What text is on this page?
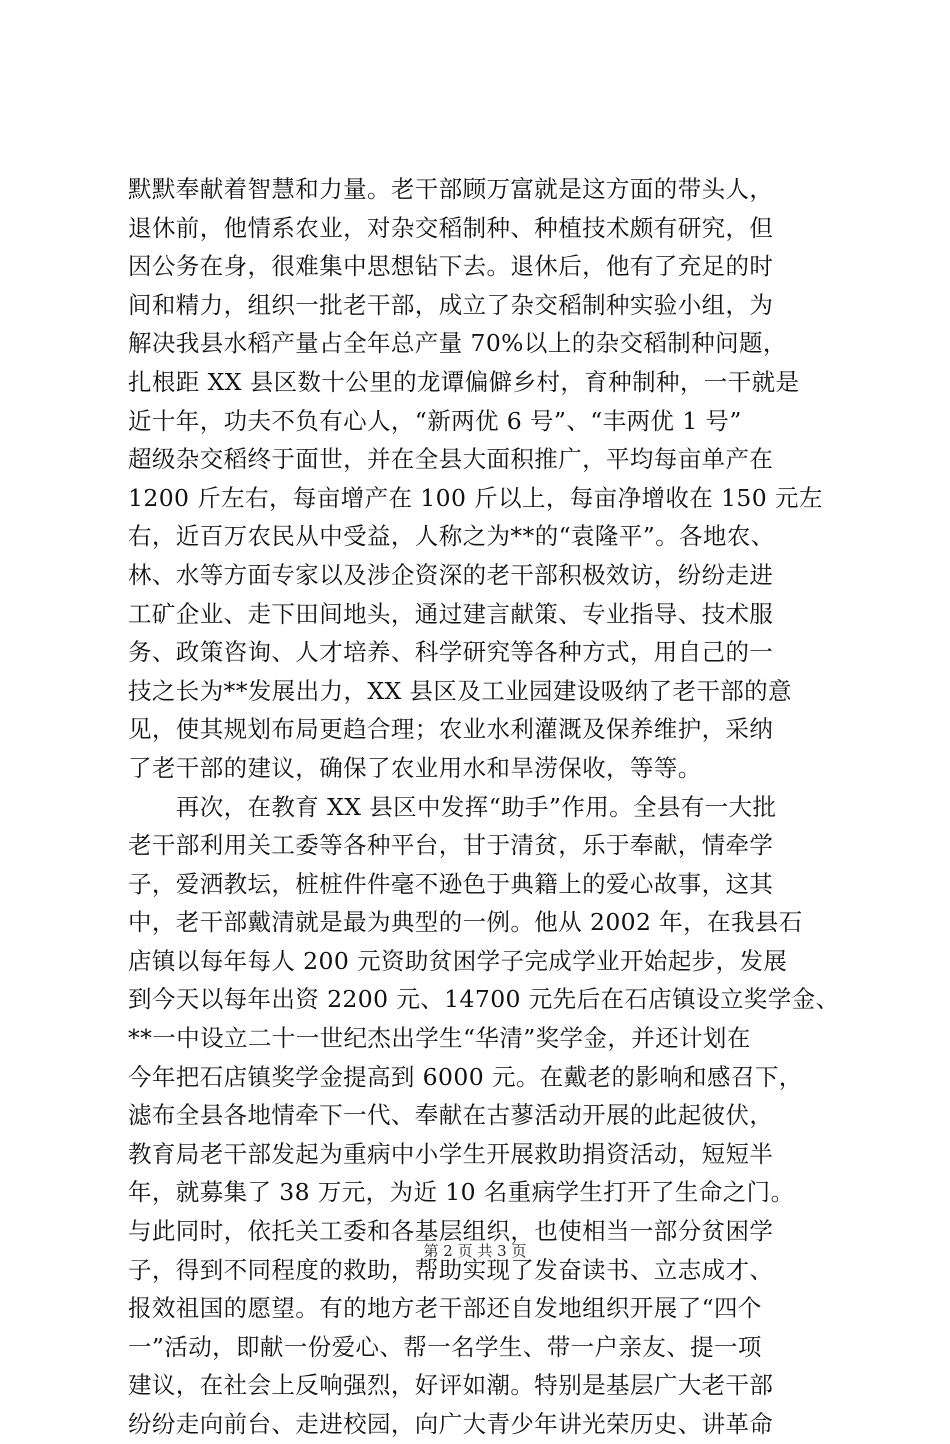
默默奉献着智慧和力量。老干部顾万富就是这方面的带头人，
退休前，他情系农业，对杂交稻制种、种植技术颇有研究，但
因公务在身，很难集中思想钻下去。退休后，他有了充足的时
间和精力，组织一批老干部，成立了杂交稻制种实验小组，为
解决我县水稻产量占全年总产量 70%以上的杂交稻制种问题，
扎根距 XX 县区数十公里的龙谭偏僻乡村，育种制种，一干就是
近十年，功夫不负有心人，“新两优 6 号”、“丰两优 1 号”
超级杂交稻终于面世，并在全县大面积推广，平均每亩单产在
1200 斤左右，每亩增产在 100 斤以上，每亩净增收在 150 元左
右，近百万农民从中受益，人称之为**的“袁隆平”。各地农、
林、水等方面专家以及涉企资深的老干部积极效访，纷纷走进
工矿企业、走下田间地头，通过建言献策、专业指导、技术服
务、政策咨询、人才培养、科学研究等各种方式，用自己的一
技之长为**发展出力，XX 县区及工业园建设吸纳了老干部的意
见，使其规划布局更趋合理；农业水利灌溉及保养维护，采纳
了老干部的建议，确保了农业用水和旱涝保收，等等。
　　再次，在教育 XX 县区中发挥“助手”作用。全县有一大批
老干部利用关工委等各种平台，甘于清贫，乐于奉献，情牵学
子，爱洒教坛，桩桩件件毫不逊色于典籍上的爱心故事，这其
中，老干部戴清就是最为典型的一例。他从 2002 年，在我县石
店镇以每年每人 200 元资助贫困学子完成学业开始起步，发展
到今天以每年出资 2200 元、14700 元先后在石店镇设立奖学金、
**一中设立二十一世纪杰出学生“华清”奖学金，并还计划在
今年把石店镇奖学金提高到 6000 元。在戴老的影响和感召下，
滤布全县各地情牵下一代、奉献在古蓼活动开展的此起彼伏，
教育局老干部发起为重病中小学生开展救助捐资活动，短短半
年，就募集了 38 万元，为近 10 名重病学生打开了生命之门。
与此同时，依托关工委和各基层组织，也使相当一部分贫困学
子，得到不同程度的救助，帮助实现了发奋读书、立志成才、
报效祖国的愿望。有的地方老干部还自发地组织开展了“四个
一”活动，即献一份爱心、帮一名学生、带一户亲友、提一项
建议，在社会上反响强烈，好评如潮。特别是基层广大老干部
纷纷走向前台、走进校园，向广大青少年讲光荣历史、讲革命
第 2 页 共 3 页
